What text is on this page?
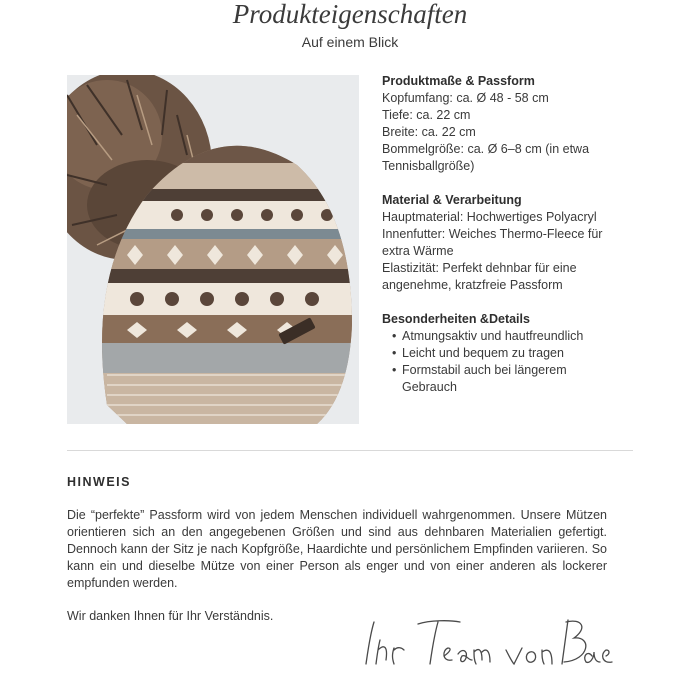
Produkteigenschaften
Auf einem Blick
Produktmaße & Passform
Kopfumfang: ca. Ø 48 - 58 cm
Tiefe: ca. 22 cm
Breite: ca. 22 cm
Bommelgröße: ca. Ø 6–8 cm (in etwa
Tennisballgröße)
Material & Verarbeitung
Hauptmaterial: Hochwertiges Polyacryl
Innenfutter: Weiches Thermo-Fleece für
extra Wärme
Elastizität: Perfekt dehnbar für eine
angenehme, kratzfreie Passform
Besonderheiten &Details
• Atmungsaktiv und hautfreundlich
• Leicht und bequem zu tragen
• Formstabil auch bei längerem
Gebrauch
HINWEIS
Die “perfekte” Passform wird von jedem Menschen individuell wahrgenommen. Unsere Mützen orientieren sich an den angegebenen Größen und sind aus dehnbaren Materialien gefertigt. Dennoch kann der Sitz je nach Kopfgröße, Haardichte und persönlichem Empfinden variieren. So kann ein und dieselbe Mütze von einer Person als enger und von einer anderen als lockerer empfunden werden.
Wir danken Ihnen für Ihr Verständnis.
